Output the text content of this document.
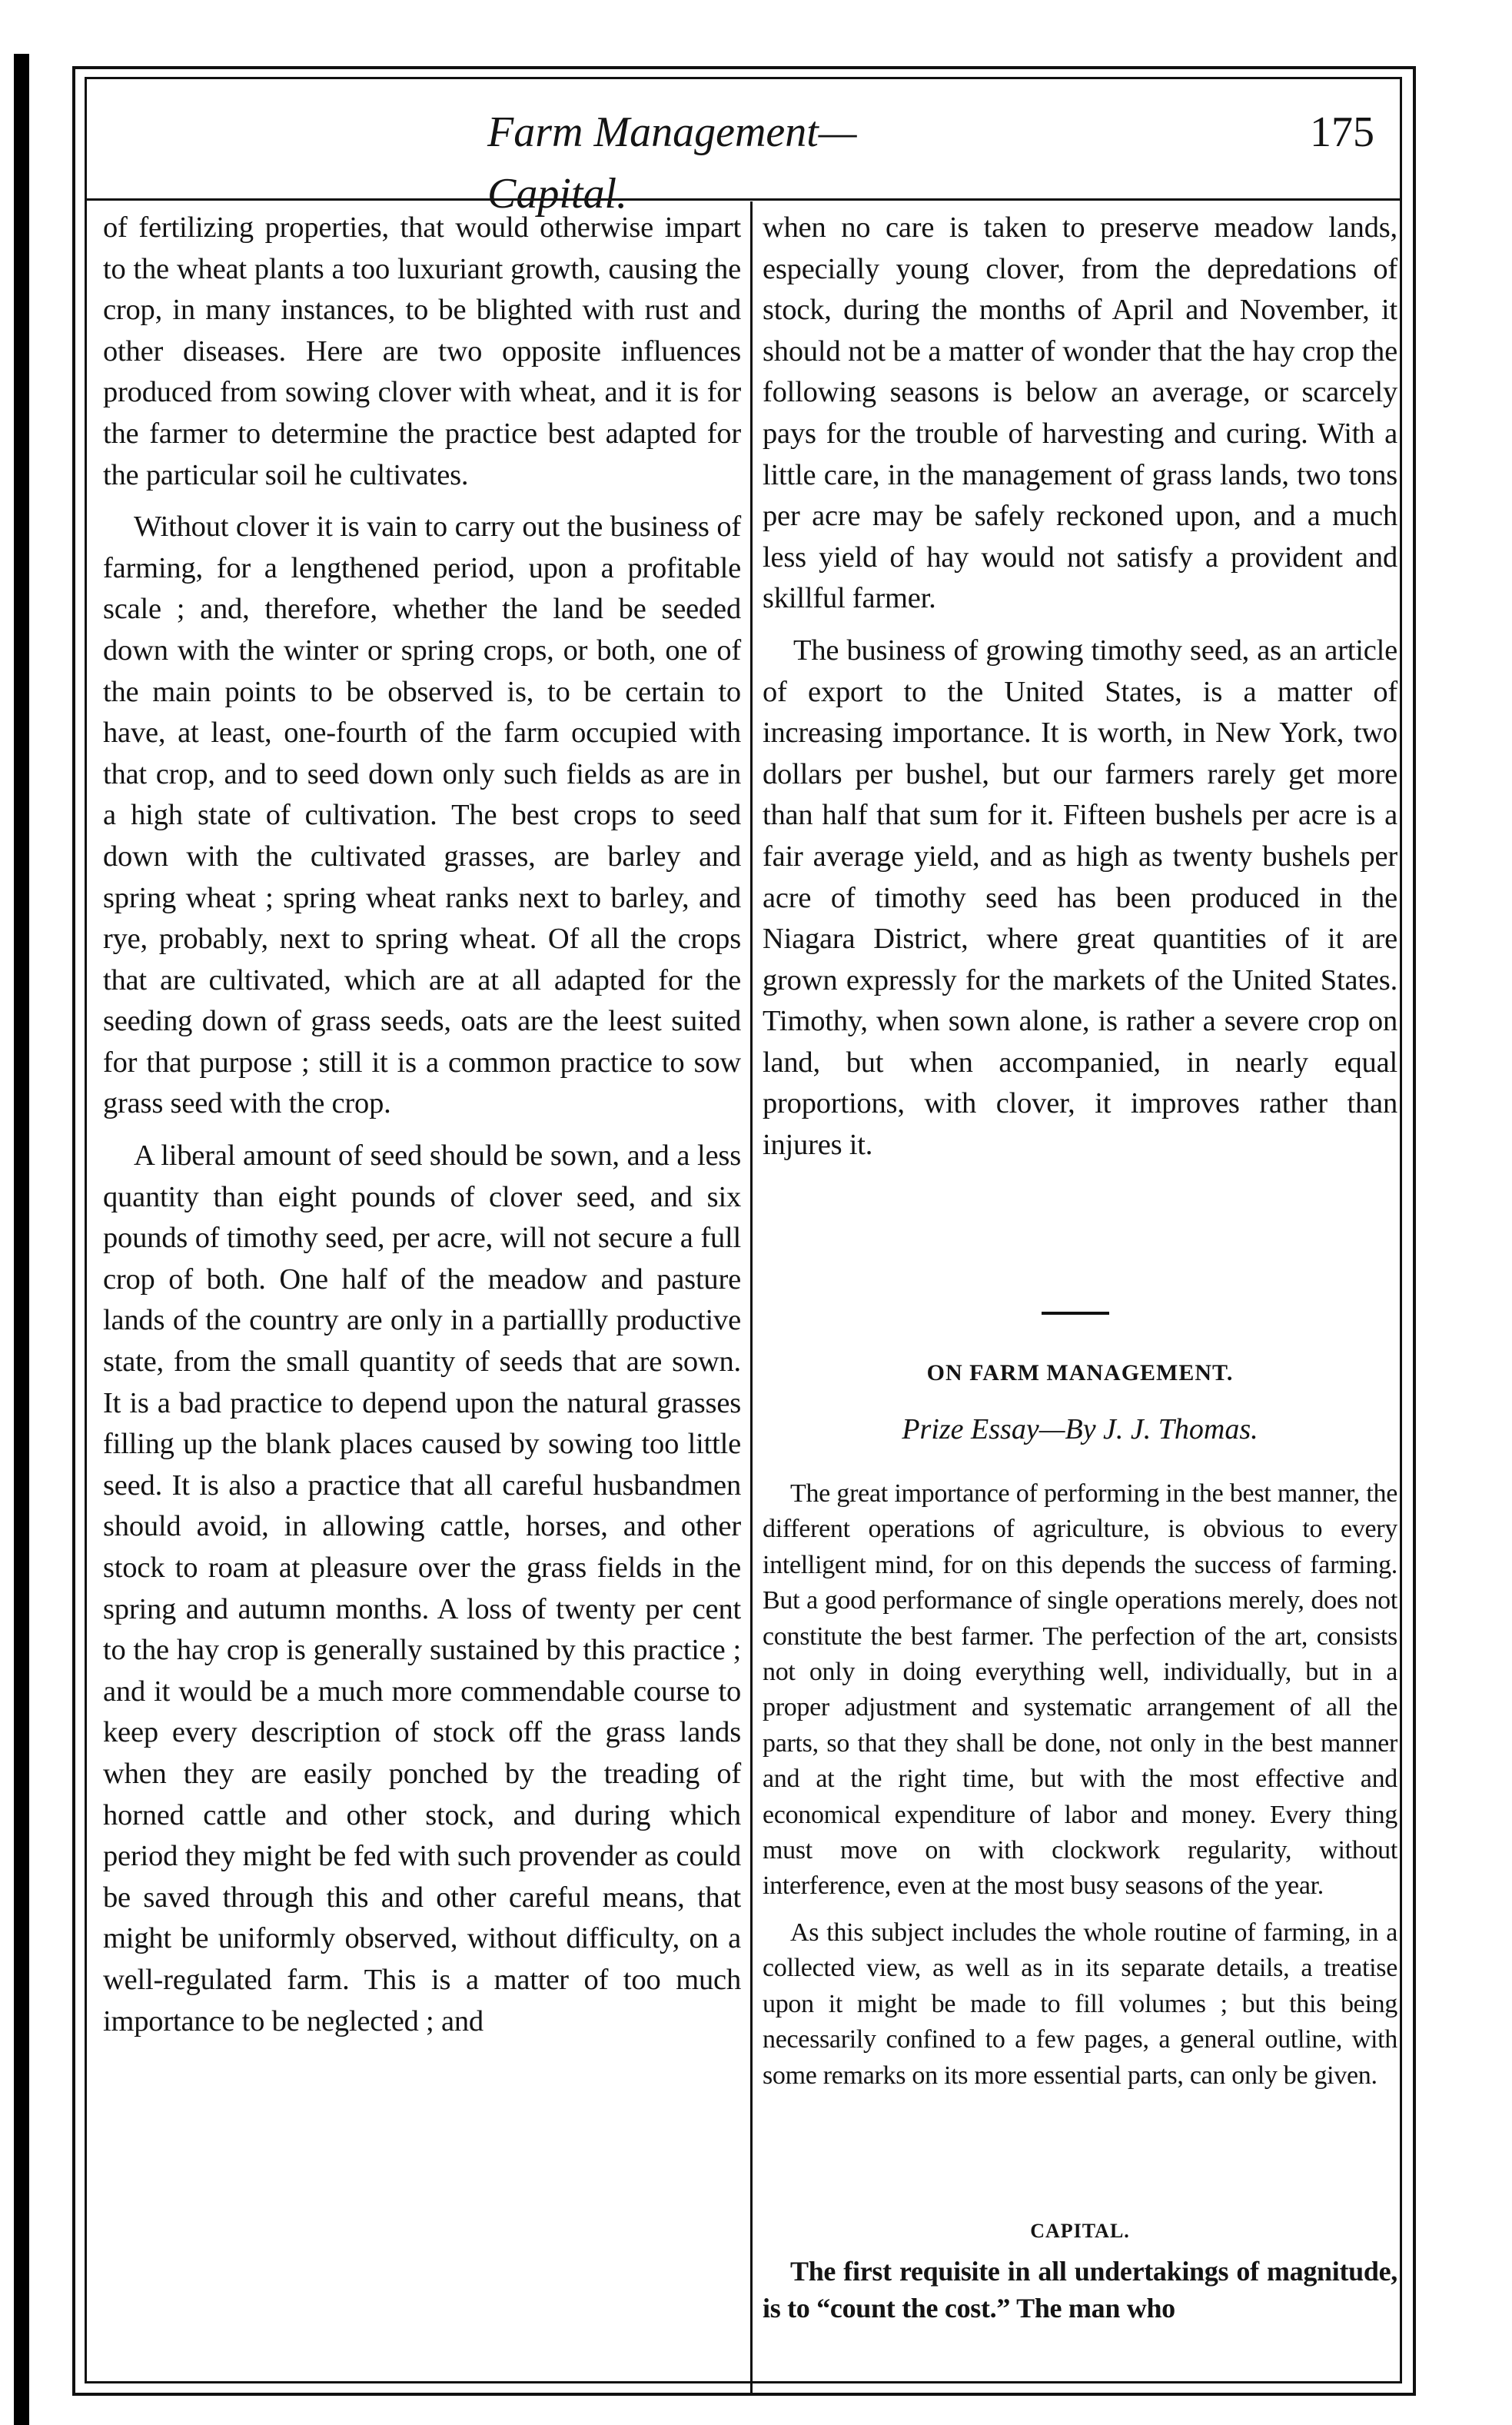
Farm Management—Capital.
175

of fertilizing properties, that would otherwise impart to the wheat plants a too luxuriant growth, causing the crop, in many instances, to be blighted with rust and other diseases. Here are two opposite influences produced from sowing clover with wheat, and it is for the farmer to determine the practice best adapted for the particular soil he cultivates.

Without clover it is vain to carry out the business of farming, for a lengthened period, upon a profitable scale ; and, therefore, whether the land be seeded down with the winter or spring crops, or both, one of the main points to be observed is, to be certain to have, at least, one-fourth of the farm occupied with that crop, and to seed down only such fields as are in a high state of cultivation. The best crops to seed down with the cultivated grasses, are barley and spring wheat ; spring wheat ranks next to barley, and rye, probably, next to spring wheat. Of all the crops that are cultivated, which are at all adapted for the seeding down of grass seeds, oats are the leest suited for that purpose ; still it is a common practice to sow grass seed with the crop.

A liberal amount of seed should be sown, and a less quantity than eight pounds of clover seed, and six pounds of timothy seed, per acre, will not secure a full crop of both. One half of the meadow and pasture lands of the country are only in a partiallly productive state, from the small quantity of seeds that are sown. It is a bad practice to depend upon the natural grasses filling up the blank places caused by sowing too little seed. It is also a practice that all careful husbandmen should avoid, in allowing cattle, horses, and other stock to roam at pleasure over the grass fields in the spring and autumn months. A loss of twenty per cent to the hay crop is generally sustained by this practice ; and it would be a much more commendable course to keep every description of stock off the grass lands when they are easily ponched by the treading of horned cattle and other stock, and during which period they might be fed with such provender as could be saved through this and other careful means, that might be uniformly observed, without difficulty, on a well-regulated farm. This is a matter of too much importance to be neglected ; and

when no care is taken to preserve meadow lands, especially young clover, from the depredations of stock, during the months of April and November, it should not be a matter of wonder that the hay crop the following seasons is below an average, or scarcely pays for the trouble of harvesting and curing. With a little care, in the management of grass lands, two tons per acre may be safely reckoned upon, and a much less yield of hay would not satisfy a provident and skillful farmer.

The business of growing timothy seed, as an article of export to the United States, is a matter of increasing importance. It is worth, in New York, two dollars per bushel, but our farmers rarely get more than half that sum for it. Fifteen bushels per acre is a fair average yield, and as high as twenty bushels per acre of timothy seed has been produced in the Niagara District, where great quantities of it are grown expressly for the markets of the United States. Timothy, when sown alone, is rather a severe crop on land, but when accompanied, in nearly equal proportions, with clover, it improves rather than injures it.

ON FARM MANAGEMENT.
Prize Essay—By J. J. Thomas.

The great importance of performing in the best manner, the different operations of agriculture, is obvious to every intelligent mind, for on this depends the success of farming. But a good performance of single operations merely, does not constitute the best farmer. The perfection of the art, consists not only in doing everything well, individually, but in a proper adjustment and systematic arrangement of all the parts, so that they shall be done, not only in the best manner and at the right time, but with the most effective and economical expenditure of labor and money. Every thing must move on with clockwork regularity, without interference, even at the most busy seasons of the year.

As this subject includes the whole routine of farming, in a collected view, as well as in its separate details, a treatise upon it might be made to fill volumes ; but this being necessarily confined to a few pages, a general outline, with some remarks on its more essential parts, can only be given.

CAPITAL.

The first requisite in all undertakings of magnitude, is to “count the cost.” The man who
